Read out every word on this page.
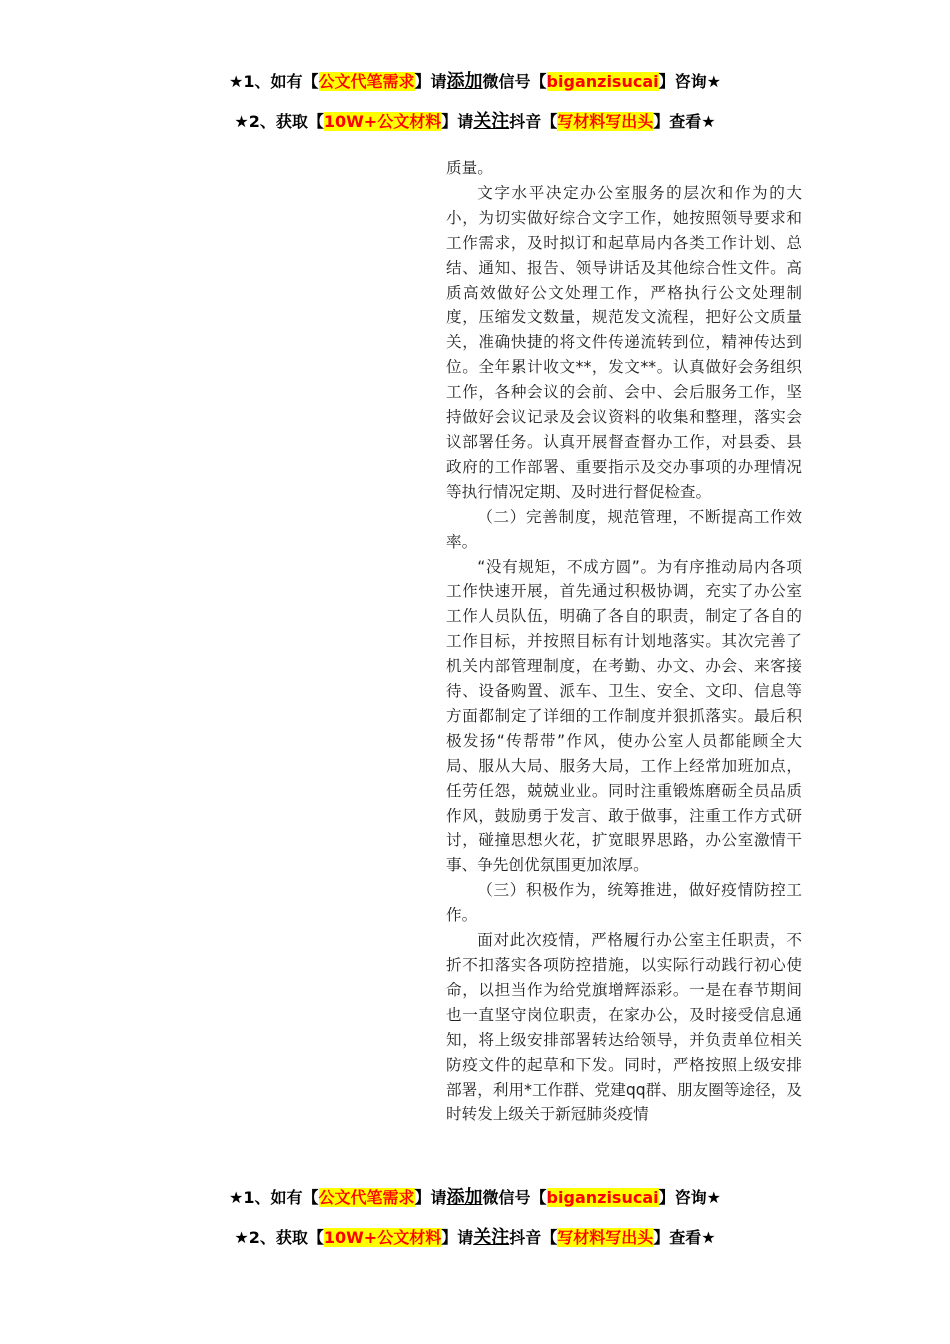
★1、如有【公文代笔需求】请添加微信号【biganzisucai】咨询★
★2、获取【10W+公文材料】请关注抖音【写材料写出头】查看★

质量。

文字水平决定办公室服务的层次和作为的大小，为切实做好综合文字工作，她按照领导要求和工作需求，及时拟订和起草局内各类工作计划、总结、通知、报告、领导讲话及其他综合性文件。高质高效做好公文处理工作，严格执行公文处理制度，压缩发文数量，规范发文流程，把好公文质量关，准确快捷的将文件传递流转到位，精神传达到位。全年累计收文**，发文**。认真做好会务组织工作，各种会议的会前、会中、会后服务工作，坚持做好会议记录及会议资料的收集和整理，落实会议部署任务。认真开展督查督办工作，对县委、县政府的工作部署、重要指示及交办事项的办理情况等执行情况定期、及时进行督促检查。

（二）完善制度，规范管理，不断提高工作效率。

“没有规矩，不成方圆”。为有序推动局内各项工作快速开展，首先通过积极协调，充实了办公室工作人员队伍，明确了各自的职责，制定了各自的工作目标，并按照目标有计划地落实。其次完善了机关内部管理制度，在考勤、办文、办会、来客接待、设备购置、派车、卫生、安全、文印、信息等方面都制定了详细的工作制度并狠抓落实。最后积极发扬“传帮带”作风，使办公室人员都能顾全大局、服从大局、服务大局，工作上经常加班加点，任劳任怨，兢兢业业。同时注重锻炼磨砺全员品质作风，鼓励勇于发言、敢于做事，注重工作方式研讨，碰撞思想火花，扩宽眼界思路，办公室激情干事、争先创优氛围更加浓厚。

（三）积极作为，统筹推进，做好疫情防控工作。

面对此次疫情，严格履行办公室主任职责，不折不扣落实各项防控措施，以实际行动践行初心使命，以担当作为给党旗增辉添彩。一是在春节期间也一直坚守岗位职责，在家办公，及时接受信息通知，将上级安排部署转达给领导，并负责单位相关防疫文件的起草和下发。同时，严格按照上级安排部署，利用*工作群、党建qq群、朋友圈等途径，及时转发上级关于新冠肺炎疫情

★1、如有【公文代笔需求】请添加微信号【biganzisucai】咨询★
★2、获取【10W+公文材料】请关注抖音【写材料写出头】查看★
